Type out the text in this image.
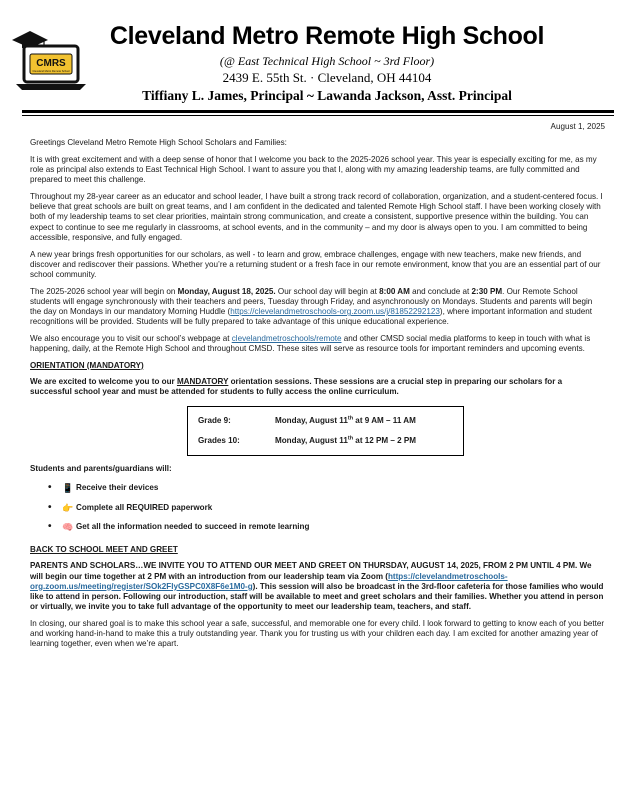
CMRS
Cleveland Metro Remote School
Cleveland Metro Remote High School
(@ East Technical High School ~ 3rd Floor)
2439 E. 55th St. · Cleveland, OH 44104
Tiffiany L. James, Principal ~ Lawanda Jackson, Asst. Principal
August 1, 2025

Greetings Cleveland Metro Remote High School Scholars and Families:

It is with great excitement and with a deep sense of honor that I welcome you back to the 2025-2026 school year. This year is especially exciting for me, as my role as principal also extends to East Technical High School. I want to assure you that I, along with my amazing leadership teams, are fully committed and prepared to meet this challenge.

Throughout my 28-year career as an educator and school leader, I have built a strong track record of collaboration, organization, and a student-centered focus. I believe that great schools are built on great teams, and I am confident in the dedicated and talented Remote High School staff. I have been working closely with both of my leadership teams to set clear priorities, maintain strong communication, and create a consistent, supportive presence within the building. You can expect to continue to see me regularly in classrooms, at school events, and in the community – and my door is always open to you. I am committed to being accessible, responsive, and fully engaged.

A new year brings fresh opportunities for our scholars, as well - to learn and grow, embrace challenges, engage with new teachers, make new friends, and discover and rediscover their passions. Whether you’re a returning student or a fresh face in our remote environment, know that you are an essential part of our school community.

The 2025-2026 school year will begin on Monday, August 18, 2025. Our school day will begin at 8:00 AM and conclude at 2:30 PM. Our Remote School students will engage synchronously with their teachers and peers, Tuesday through Friday, and asynchronously on Mondays. Students and parents will begin the day on Mondays in our mandatory Morning Huddle (https://clevelandmetroschools-org.zoom.us/j/81852292123), where important information and student recognitions will be provided. Students will be fully prepared to take advantage of this unique educational experience.

We also encourage you to visit our school’s webpage at clevelandmetroschools/remote and other CMSD social media platforms to keep in touch with what is happening, daily, at the Remote High School and throughout CMSD. These sites will serve as resource tools for important reminders and upcoming events.

ORIENTATION (MANDATORY)

We are excited to welcome you to our MANDATORY orientation sessions. These sessions are a crucial step in preparing our scholars for a successful school year and must be attended for students to fully access the online curriculum.

Grade 9:	Monday, August 11th at 9 AM – 11 AM
Grades 10:	Monday, August 11th at 12 PM – 2 PM
Students and parents/guardians will:
•	📱 Receive their devices
•	👉 Complete all REQUIRED paperwork
•	🧠 Get all the information needed to succeed in remote learning
BACK TO SCHOOL MEET AND GREET

PARENTS AND SCHOLARS…WE INVITE YOU TO ATTEND OUR MEET AND GREET ON THURSDAY, AUGUST 14, 2025, FROM 2 PM UNTIL 4 PM. We will begin our time together at 2 PM with an introduction from our leadership team via Zoom (https://clevelandmetroschools-org.zoom.us/meeting/register/SOk2FlyGSPC0X8F6e1M0-g). This session will also be broadcast in the 3rd-floor cafeteria for those families who would like to attend in person. Following our introduction, staff will be available to meet and greet scholars and their families. Whether you attend in person or virtually, we invite you to take full advantage of the opportunity to meet our leadership team, teachers, and staff.

In closing, our shared goal is to make this school year a safe, successful, and memorable one for every child. I look forward to getting to know each of you better and working hand-in-hand to make this a truly outstanding year. Thank you for trusting us with your children each day. I am excited for another amazing year of learning together, even when we’re apart.
